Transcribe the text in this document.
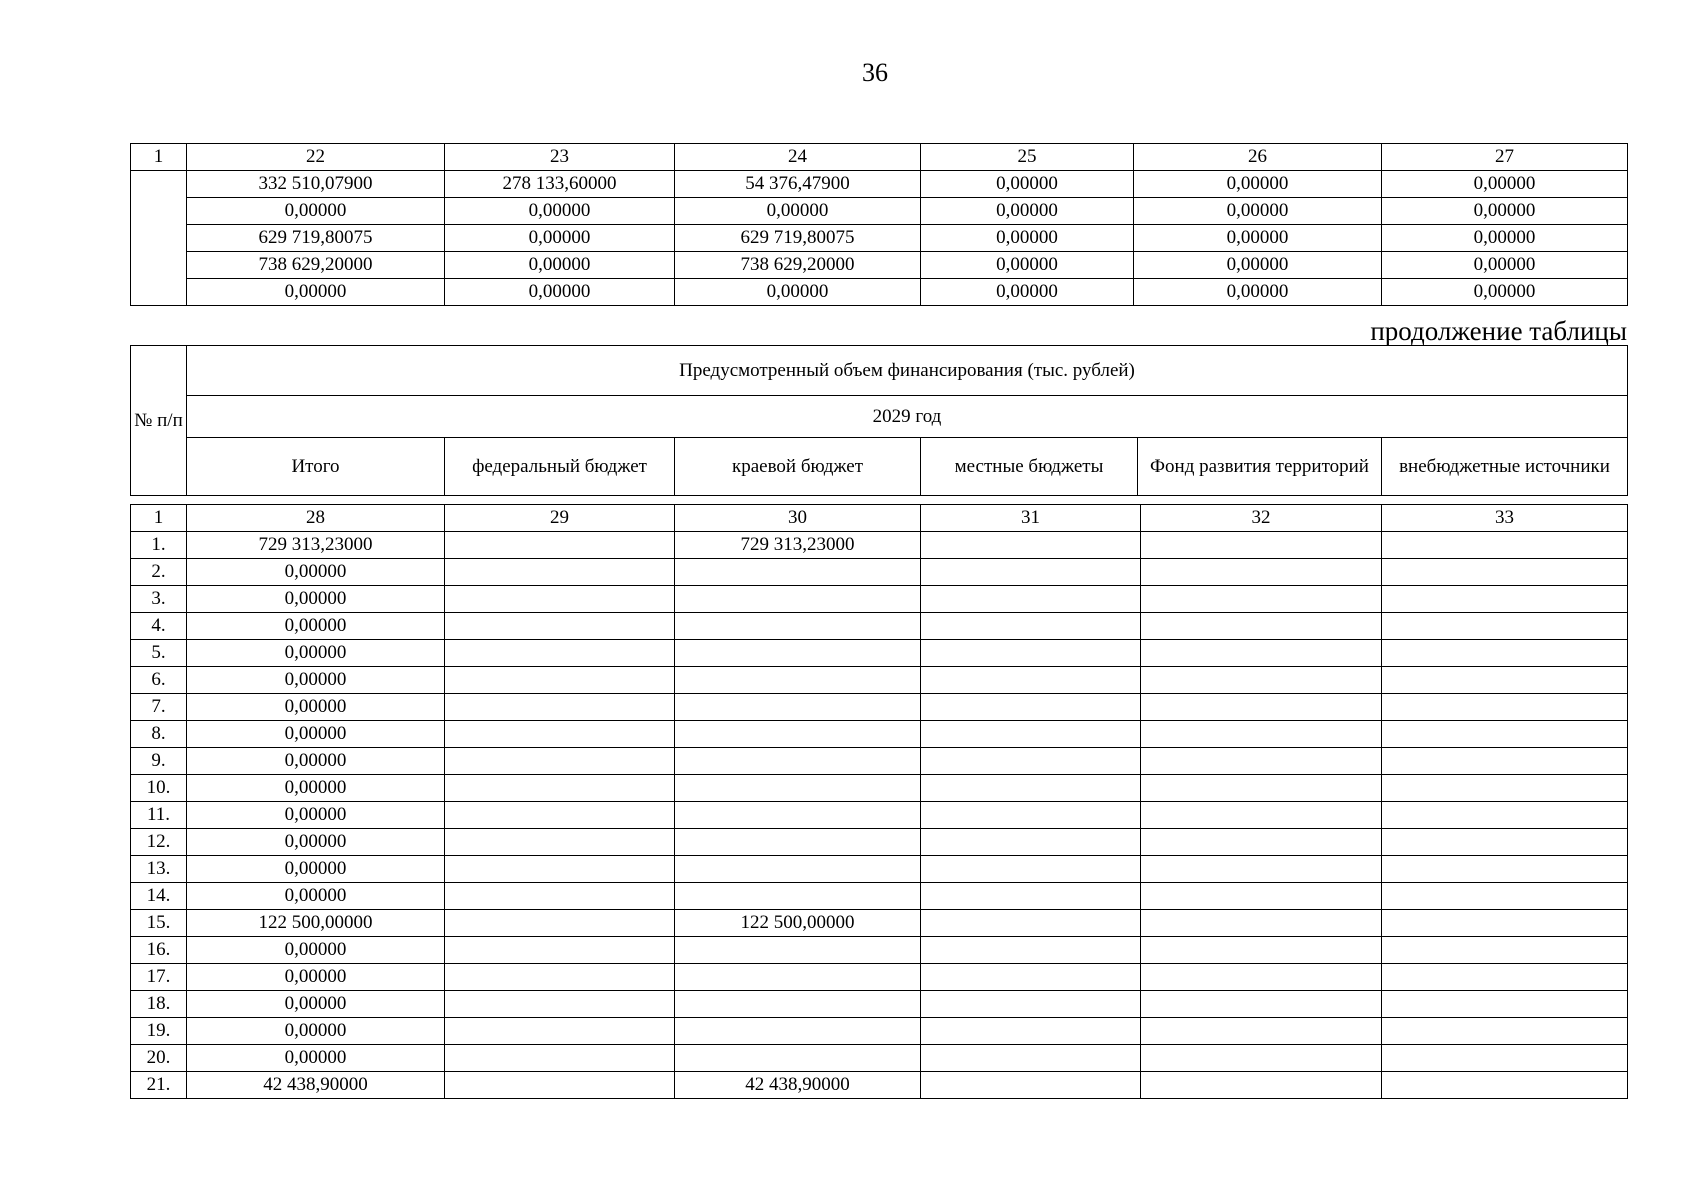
36
1	22	23	24	25	26	27
	332 510,07900	278 133,60000	54 376,47900	0,00000	0,00000	0,00000
	0,00000	0,00000	0,00000	0,00000	0,00000	0,00000
	629 719,80075	0,00000	629 719,80075	0,00000	0,00000	0,00000
	738 629,20000	0,00000	738 629,20000	0,00000	0,00000	0,00000
	0,00000	0,00000	0,00000	0,00000	0,00000	0,00000
продолжение таблицы
№ п/п	Предусмотренный объем финансирования (тыс. рублей)					
	2029 год					
	Итого	федеральный бюджет	краевой бюджет	местные бюджеты	Фонд развития территорий	внебюджетные источники
1	28	29	30	31	32	33
1.	729 313,23000		729 313,23000			
2.	0,00000					
3.	0,00000					
4.	0,00000					
5.	0,00000					
6.	0,00000					
7.	0,00000					
8.	0,00000					
9.	0,00000					
10.	0,00000					
11.	0,00000					
12.	0,00000					
13.	0,00000					
14.	0,00000					
15.	122 500,00000		122 500,00000			
16.	0,00000					
17.	0,00000					
18.	0,00000					
19.	0,00000					
20.	0,00000					
21.	42 438,90000		42 438,90000			
